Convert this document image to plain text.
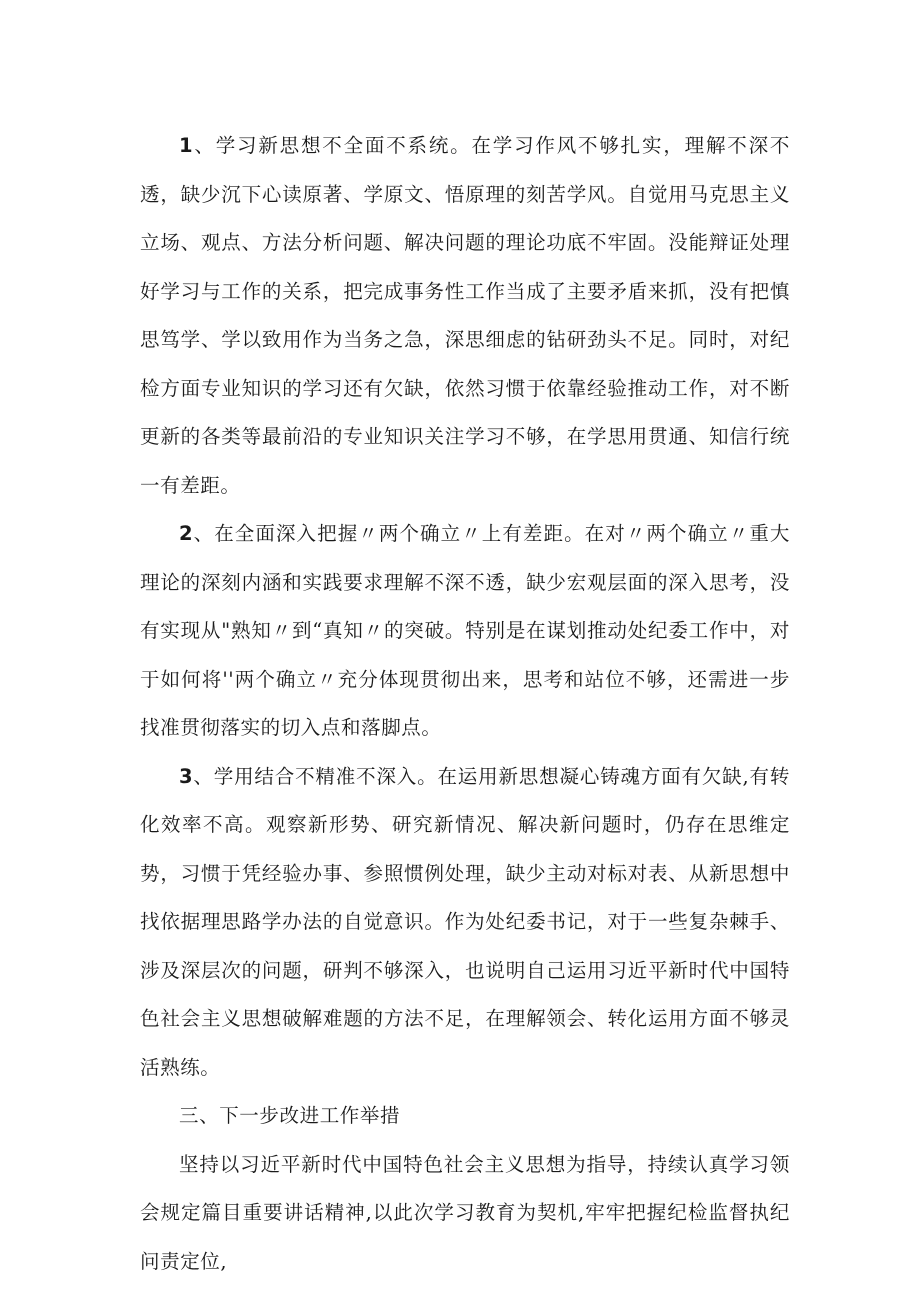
1、学习新思想不全面不系统。在学习作风不够扎实，理解不深不透，缺少沉下心读原著、学原文、悟原理的刻苦学风。自觉用马克思主义立场、观点、方法分析问题、解决问题的理论功底不牢固。没能辩证处理好学习与工作的关系，把完成事务性工作当成了主要矛盾来抓，没有把慎思笃学、学以致用作为当务之急，深思细虑的钻研劲头不足。同时，对纪检方面专业知识的学习还有欠缺，依然习惯于依靠经验推动工作，对不断更新的各类等最前沿的专业知识关注学习不够，在学思用贯通、知信行统一有差距。

2、在全面深入把握〃两个确立〃上有差距。在对〃两个确立〃重大理论的深刻内涵和实践要求理解不深不透，缺少宏观层面的深入思考，没有实现从"熟知〃到“真知〃的突破。特别是在谋划推动处纪委工作中，对于如何将''两个确立〃充分体现贯彻出来，思考和站位不够，还需进一步找准贯彻落实的切入点和落脚点。

3、学用结合不精准不深入。在运用新思想凝心铸魂方面有欠缺,有转化效率不高。观察新形势、研究新情况、解决新问题时，仍存在思维定势，习惯于凭经验办事、参照惯例处理，缺少主动对标对表、从新思想中找依据理思路学办法的自觉意识。作为处纪委书记，对于一些复杂棘手、涉及深层次的问题，研判不够深入，也说明自己运用习近平新时代中国特色社会主义思想破解难题的方法不足，在理解领会、转化运用方面不够灵活熟练。

三、下一步改进工作举措

坚持以习近平新时代中国特色社会主义思想为指导，持续认真学习领会规定篇目重要讲话精神,以此次学习教育为契机,牢牢把握纪检监督执纪问责定位,
